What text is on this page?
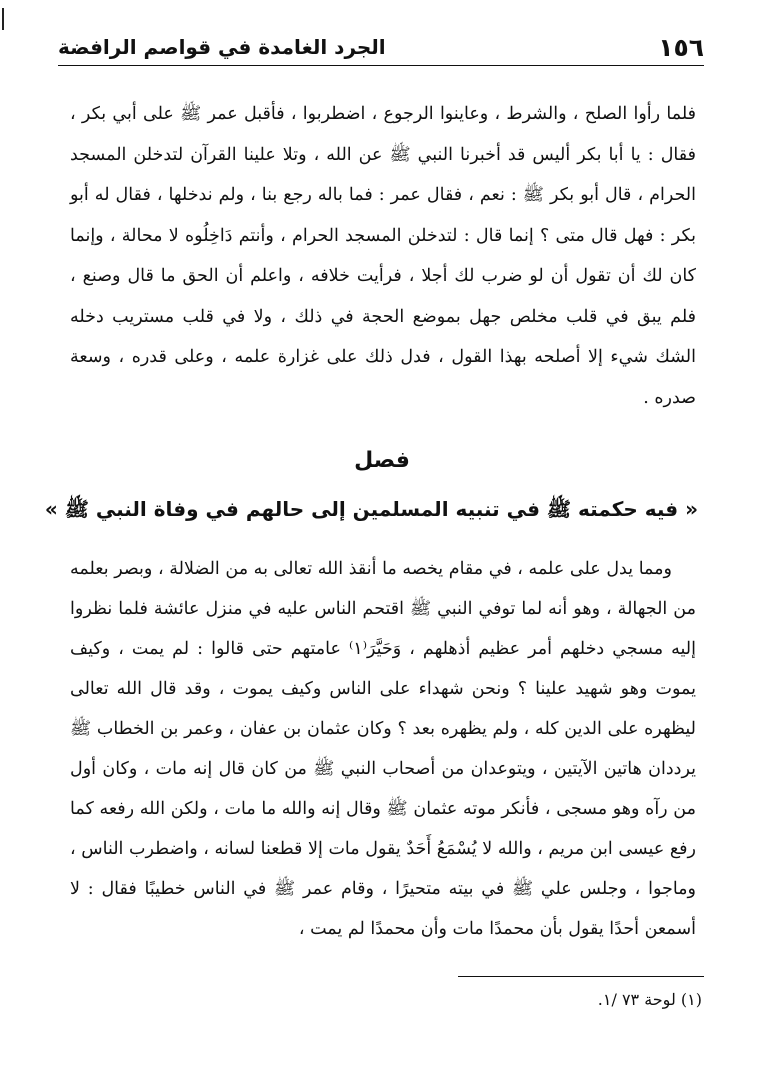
١٥٦
الجرد الغامدة في قواصم الرافضة

فلما رأوا الصلح ، والشرط ، وعاينوا الرجوع ، اضطربوا ، فأقبل عمر ﷺ على أبي بكر ، فقال : يا أبا بكر أليس قد أخبرنا النبي ﷺ عن الله ، وتلا علينا القرآن لتدخلن المسجد الحرام ، قال أبو بكر ﷺ : نعم ، فقال عمر : فما باله رجع بنا ، ولم ندخلها ، فقال له أبو بكر : فهل قال متى ؟ إنما قال : لتدخلن المسجد الحرام ، وأنتم دَاخِلُوه لا محالة ، وإنما كان لك أن تقول أن لو ضرب لك أجلا ، فرأيت خلافه ، واعلم أن الحق ما قال وصنع ، فلم يبق في قلب مخلص جهل بموضع الحجة في ذلك ، ولا في قلب مستريب دخله الشك شيء إلا أصلحه بهذا القول ، فدل ذلك على غزارة علمه ، وعلى قدره ، وسعة صدره .

فصل
« فيه حكمته ﷺ في تنبيه المسلمين إلى حالهم في وفاة النبي ﷺ »

ومما يدل على علمه ، في مقام يخصه ما أنقذ الله تعالى به من الضلالة ، وبصر بعلمه من الجهالة ، وهو أنه لما توفي النبي ﷺ اقتحم الناس عليه في منزل عائشة فلما نظروا إليه مسجي دخلهم أمر عظيم أذهلهم ، وَحَيَّرَ⁽١⁾ عامتهم حتى قالوا : لم يمت ، وكيف يموت وهو شهيد علينا ؟ ونحن شهداء على الناس وكيف يموت ، وقد قال الله تعالى ليظهره على الدين كله ، ولم يظهره بعد ؟ وكان عثمان بن عفان ، وعمر بن الخطاب ﷺ يرددان هاتين الآيتين ، ويتوعدان من أصحاب النبي ﷺ من كان قال إنه مات ، وكان أول من رآه وهو مسجى ، فأنكر موته عثمان ﷺ وقال إنه والله ما مات ، ولكن الله رفعه كما رفع عيسى ابن مريم ، والله لا يُسْمَعُ أَحَدٌ يقول مات إلا قطعنا لسانه ، واضطرب الناس ، وماجوا ، وجلس علي ﷺ في بيته متحيرًا ، وقام عمر ﷺ في الناس خطيبًا فقال : لا أسمعن أحدًا يقول بأن محمدًا مات وأن محمدًا لم يمت ،

(١) لوحة ٧٣ /١.
